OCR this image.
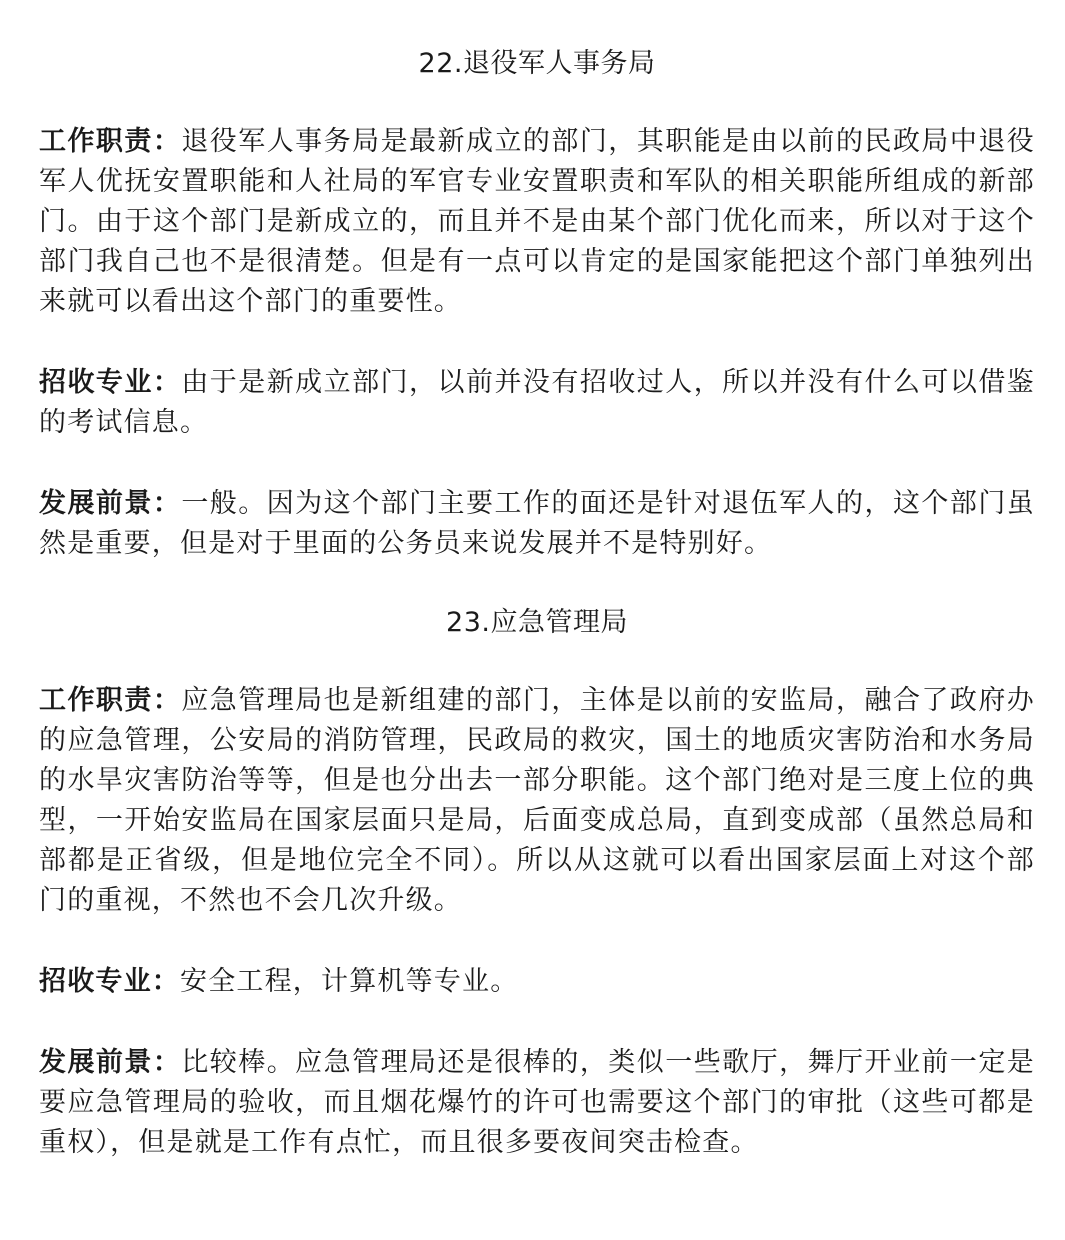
22.退役军人事务局

工作职责：退役军人事务局是最新成立的部门，其职能是由以前的民政局中退役军人优抚安置职能和人社局的军官专业安置职责和军队的相关职能所组成的新部门。由于这个部门是新成立的，而且并不是由某个部门优化而来，所以对于这个部门我自己也不是很清楚。但是有一点可以肯定的是国家能把这个部门单独列出来就可以看出这个部门的重要性。

招收专业：由于是新成立部门，以前并没有招收过人，所以并没有什么可以借鉴的考试信息。

发展前景：一般。因为这个部门主要工作的面还是针对退伍军人的，这个部门虽然是重要，但是对于里面的公务员来说发展并不是特别好。

23.应急管理局

工作职责：应急管理局也是新组建的部门，主体是以前的安监局，融合了政府办的应急管理，公安局的消防管理，民政局的救灾，国土的地质灾害防治和水务局的水旱灾害防治等等，但是也分出去一部分职能。这个部门绝对是三度上位的典型，一开始安监局在国家层面只是局，后面变成总局，直到变成部（虽然总局和部都是正省级，但是地位完全不同）。所以从这就可以看出国家层面上对这个部门的重视，不然也不会几次升级。

招收专业：安全工程，计算机等专业。

发展前景：比较棒。应急管理局还是很棒的，类似一些歌厅，舞厅开业前一定是要应急管理局的验收，而且烟花爆竹的许可也需要这个部门的审批（这些可都是重权），但是就是工作有点忙，而且很多要夜间突击检查。
